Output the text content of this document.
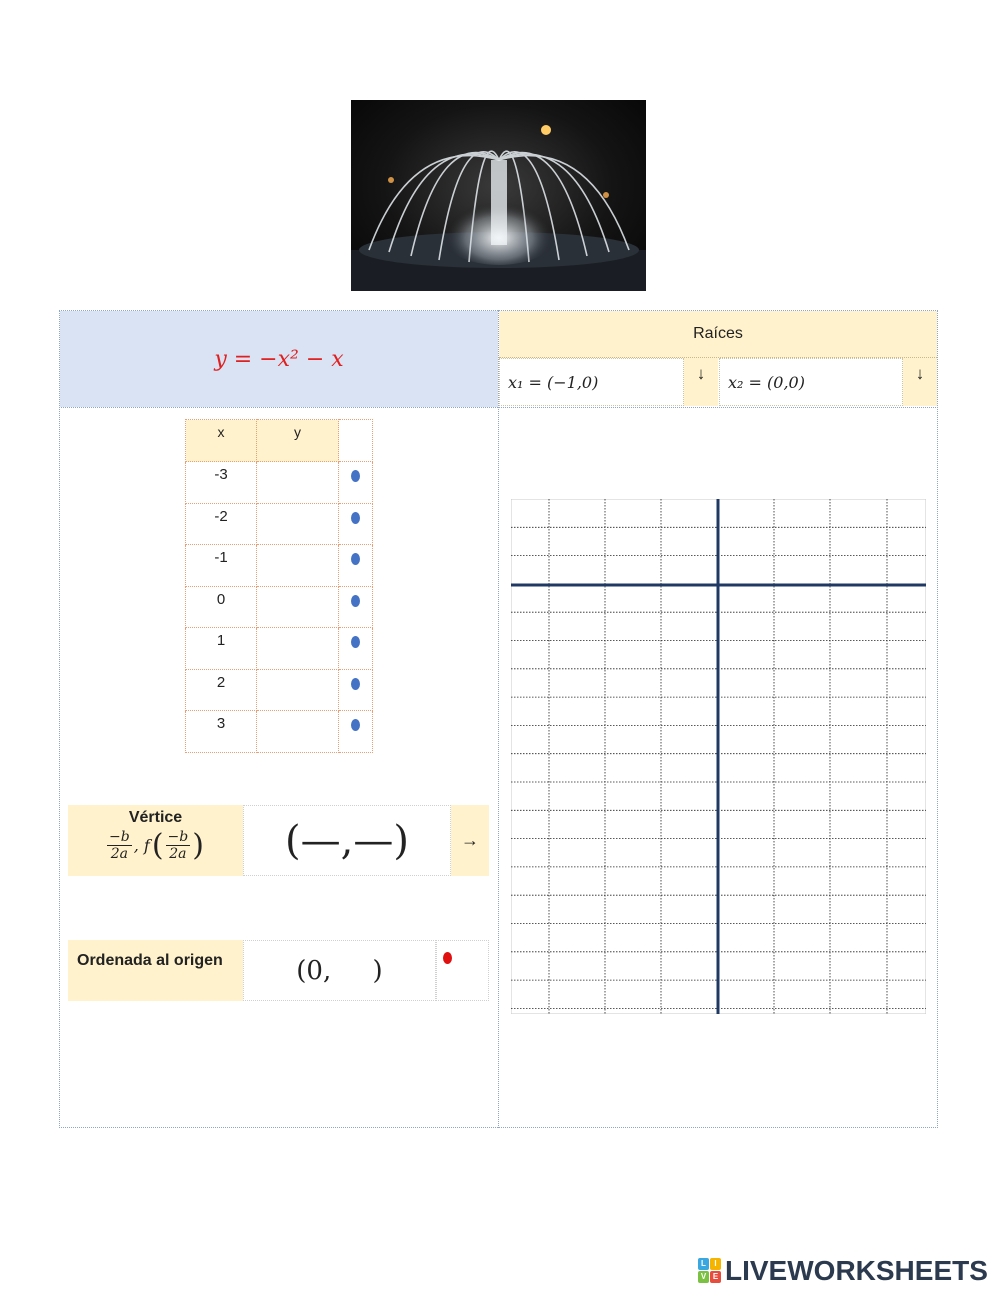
y = −x² − x
Raíces
x₁ = (−1,0)	↓	x₂ = (0,0)	↓
x	y	
-3		
-2		
-1		
0		
1		
2		
3		
Vértice
$\frac{-b}{2a}$ , f ( $\frac{-b}{2a}$ )	(—,—)	→
Ordenada al origen	(0,     )
L	I
V E LIVEWORKSHEETS
